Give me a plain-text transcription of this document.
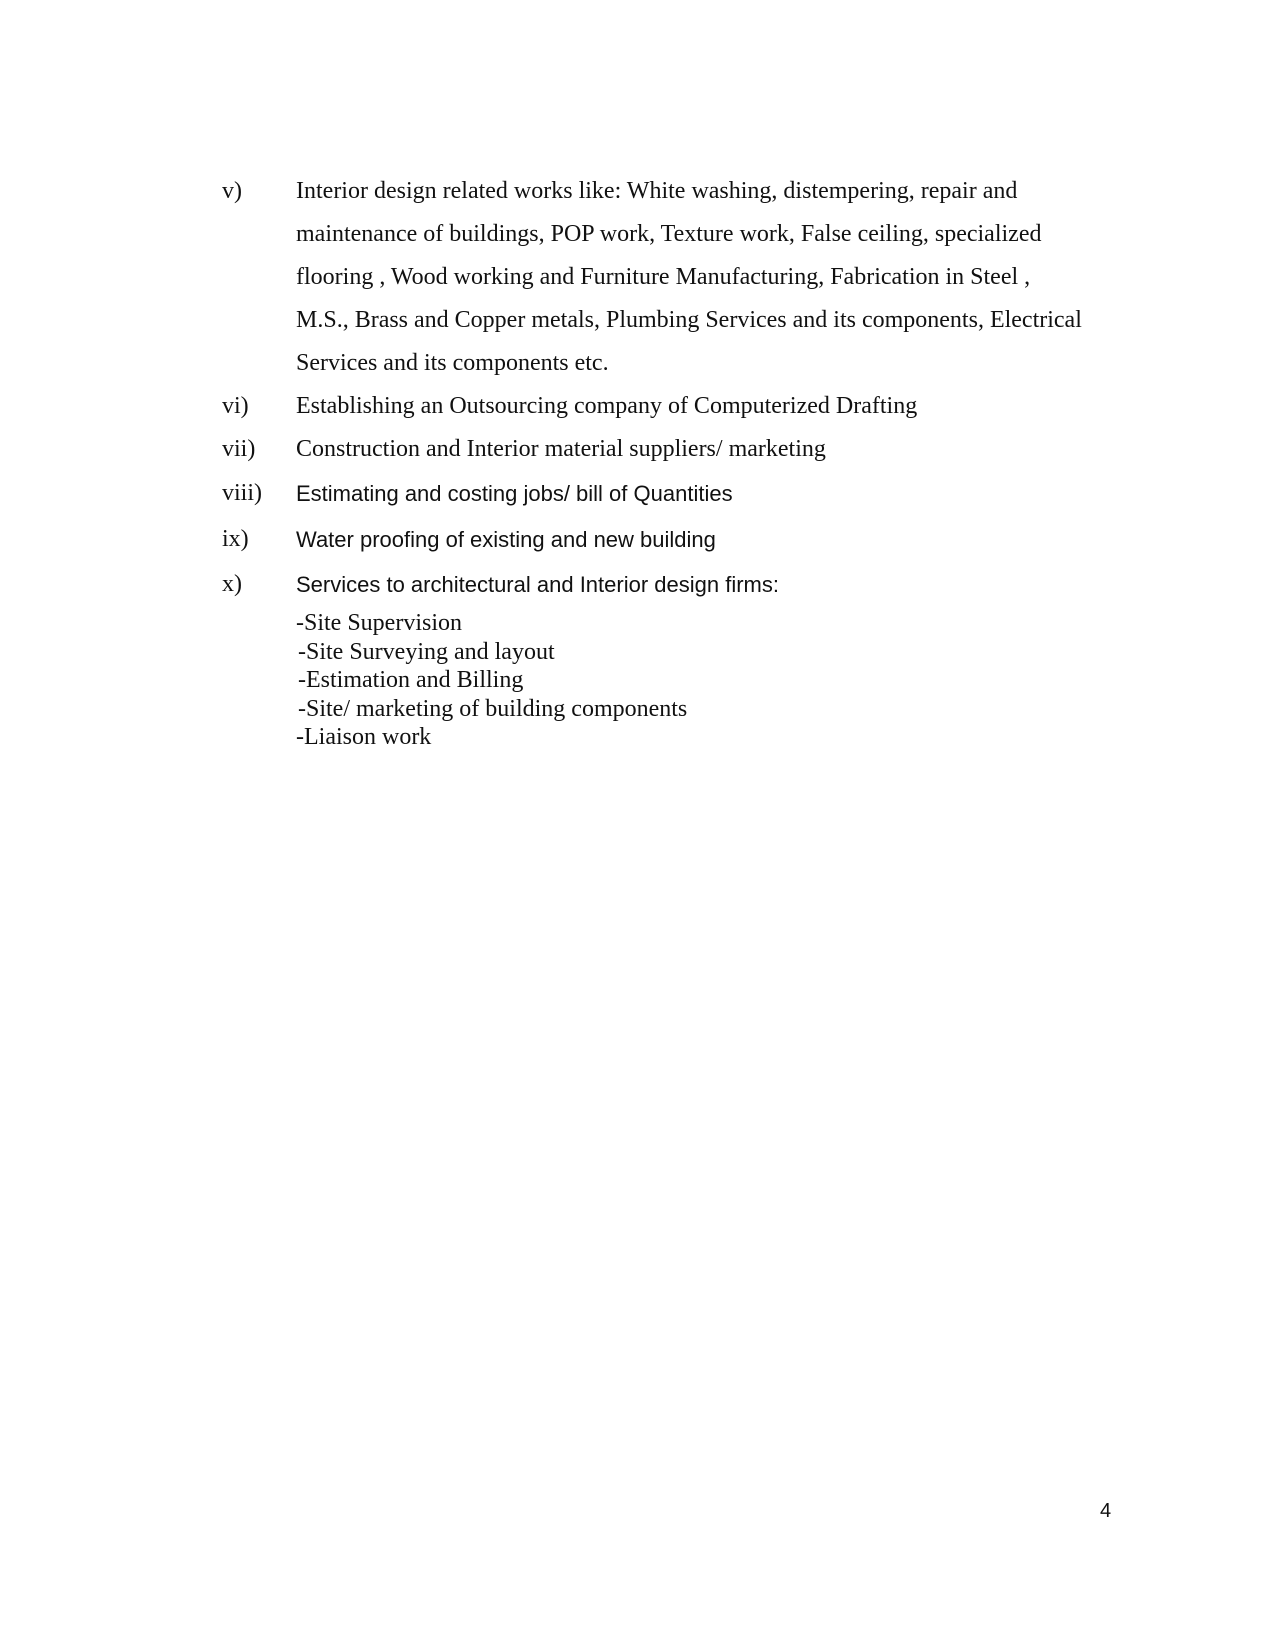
v) Interior design related works like: White washing, distempering, repair and
maintenance of buildings, POP work, Texture work, False ceiling, specialized
flooring , Wood working and Furniture Manufacturing, Fabrication in Steel ,
M.S., Brass and Copper metals, Plumbing Services and its components, Electrical
Services and its components etc.
vi) Establishing an Outsourcing company of Computerized Drafting
vii) Construction and Interior material suppliers/ marketing
viii) Estimating and costing jobs/ bill of Quantities
ix) Water proofing of existing and new building
x) Services to architectural and Interior design firms:
-Site Supervision
-Site Surveying and layout
-Estimation and Billing
-Site/ marketing of building components
-Liaison work
4
